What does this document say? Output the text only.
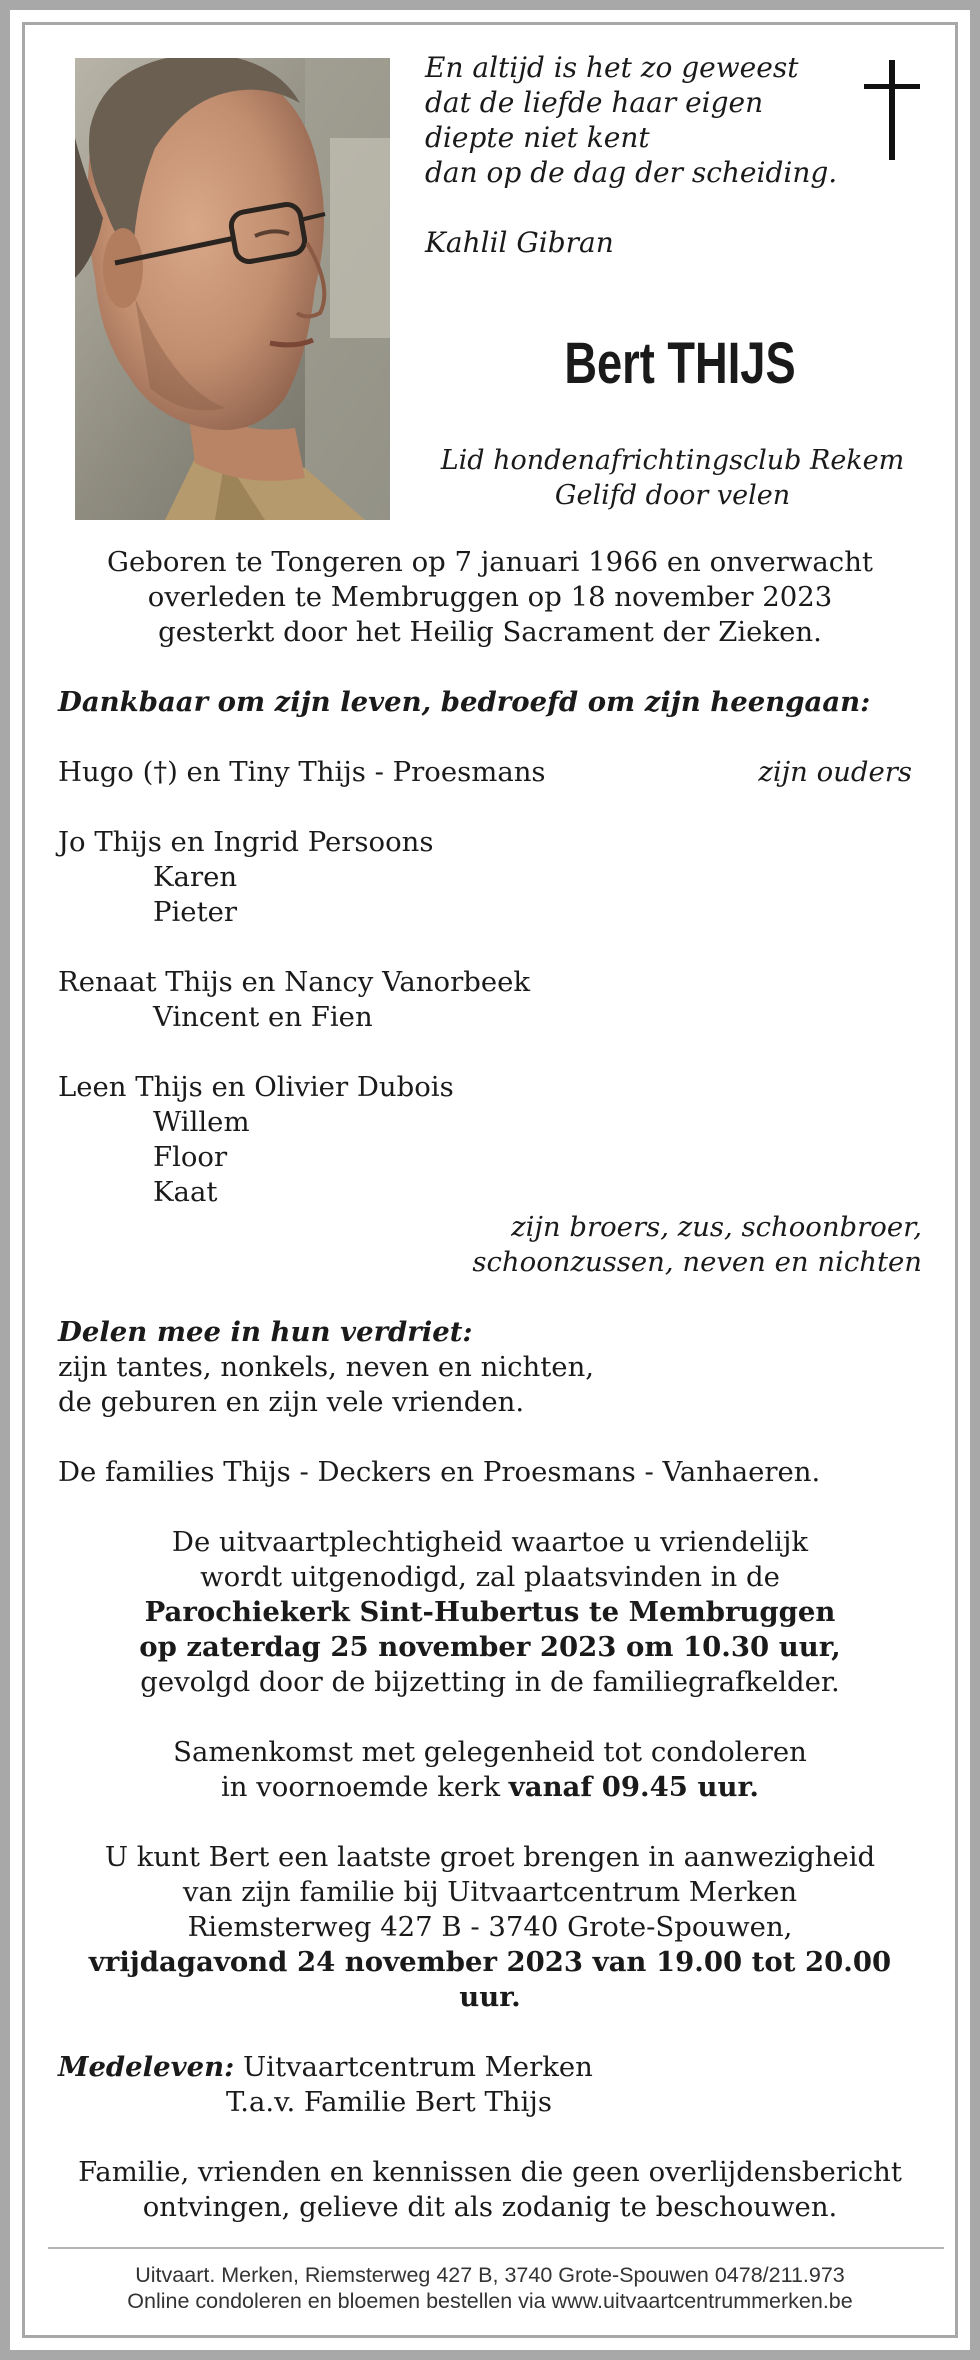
En altijd is het zo geweest
dat de liefde haar eigen
diepte niet kent
dan op de dag der scheiding.
Kahlil Gibran
Bert THIJS
Lid hondenafrichtingsclub Rekem
Gelifd door velen
Geboren te Tongeren op 7 januari 1966 en onverwacht
overleden te Membruggen op 18 november 2023
gesterkt door het Heilig Sacrament der Zieken.
Dankbaar om zijn leven, bedroefd om zijn heengaan:
Hugo (†) en Tiny Thijs - Proesmans	zijn ouders
Jo Thijs en Ingrid Persoons
Karen
Pieter
Renaat Thijs en Nancy Vanorbeek
Vincent en Fien
Leen Thijs en Olivier Dubois
Willem
Floor
Kaat
zijn broers, zus, schoonbroer,
schoonzussen, neven en nichten
Delen mee in hun verdriet:
zijn tantes, nonkels, neven en nichten,
de geburen en zijn vele vrienden.
De families Thijs - Deckers en Proesmans - Vanhaeren.
De uitvaartplechtigheid waartoe u vriendelijk
wordt uitgenodigd, zal plaatsvinden in de
Parochiekerk Sint-Hubertus te Membruggen
op zaterdag 25 november 2023 om 10.30 uur,
gevolgd door de bijzetting in de familiegrafkelder.
Samenkomst met gelegenheid tot condoleren
in voornoemde kerk vanaf 09.45 uur.
U kunt Bert een laatste groet brengen in aanwezigheid
van zijn familie bij Uitvaartcentrum Merken
Riemsterweg 427 B - 3740 Grote-Spouwen,
vrijdagavond 24 november 2023 van 19.00 tot 20.00 uur.
Medeleven: Uitvaartcentrum Merken
T.a.v. Familie Bert Thijs
Familie, vrienden en kennissen die geen overlijdensbericht
ontvingen, gelieve dit als zodanig te beschouwen.
Uitvaart. Merken, Riemsterweg 427 B, 3740 Grote-Spouwen 0478/211.973
Online condoleren en bloemen bestellen via www.uitvaartcentrummerken.be
